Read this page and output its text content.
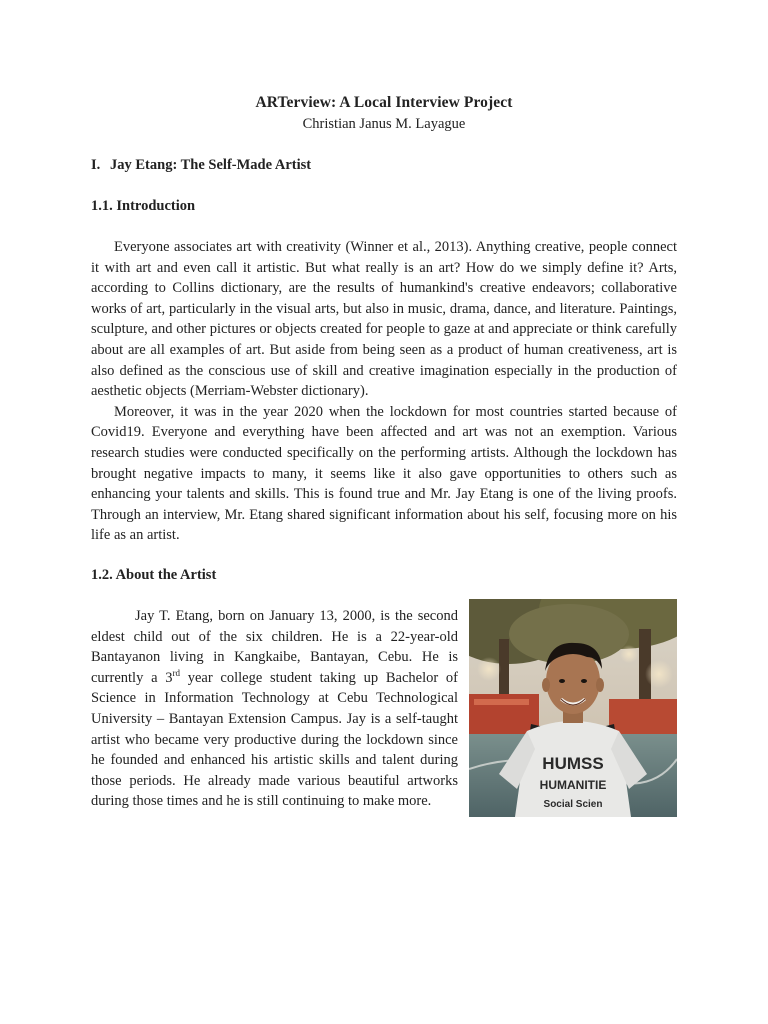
ARTerview: A Local Interview Project
Christian Janus M. Layague
I. Jay Etang: The Self-Made Artist
1.1. Introduction

Everyone associates art with creativity (Winner et al., 2013). Anything creative, people connect it with art and even call it artistic. But what really is an art? How do we simply define it? Arts, according to Collins dictionary, are the results of humankind's creative endeavors; collaborative works of art, particularly in the visual arts, but also in music, drama, dance, and literature. Paintings, sculpture, and other pictures or objects created for people to gaze at and appreciate or think carefully about are all examples of art. But aside from being seen as a product of human creativeness, art is also defined as the conscious use of skill and creative imagination especially in the production of aesthetic objects (Merriam-Webster dictionary).

Moreover, it was in the year 2020 when the lockdown for most countries started because of Covid19. Everyone and everything have been affected and art was not an exemption. Various research studies were conducted specifically on the performing artists. Although the lockdown has brought negative impacts to many, it seems like it also gave opportunities to others such as enhancing your talents and skills. This is found true and Mr. Jay Etang is one of the living proofs. Through an interview, Mr. Etang shared significant information about his self, focusing more on his life as an artist.

1.2. About the Artist

Jay T. Etang, born on January 13, 2000, is the second eldest child out of the six children. He is a 22-year-old Bantayanon living in Kangkaibe, Bantayan, Cebu. He is currently a 3rd year college student taking up Bachelor of Science in Information Technology at Cebu Technological University – Bantayan Extension Campus. Jay is a self-taught artist who became very productive during the lockdown since he founded and enhanced his artistic skills and talent during those periods. He already made various beautiful artworks during those times and he is still continuing to make more.

HUMSS
HUMANITIE
Social Scien
